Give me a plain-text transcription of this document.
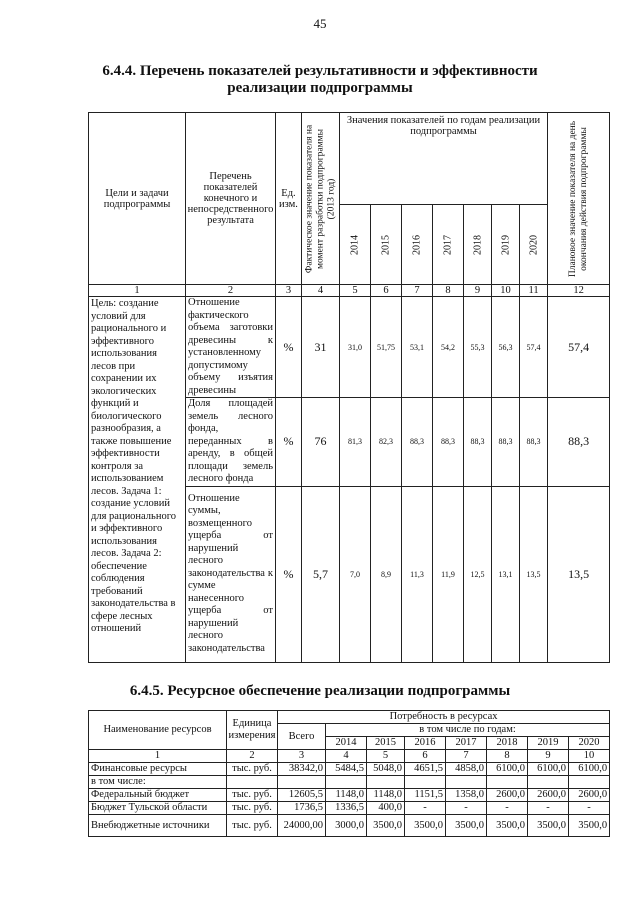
45
6.4.4. Перечень показателей результативности и эффективности
реализации подпрограммы
Цели и задачи подпрограммы	Перечень показателей конечного и непосредственного результата	Ед. изм.	Фактическое значение показателя на момент разработки подпрограммы (2013 год)	Значения показателей по годам реализации подпрограммы							Плановое значение показателя на день окончания действия подпрограммы

				2014	2015	2016	2017	2018	2019	2020	

1	2	3	4	5	6	7	8	9	10	11	12
Цель: создание условий для рационального и эффективного использования лесов при сохранении их экологических функций и биологического разнообразия, а также повышение эффективности контроля за использованием лесов. Задача 1: создание условий для рационального и эффективного использования лесов. Задача 2: обеспечение соблюдения требований законодательства в сфере лесных отношений	Отношение фактического объема заготовки древесины к установленному допустимому объему изъятия древесины	%	31	31,0	51,75	53,1	54,2	55,3	56,3	57,4	57,4
	Доля площадей земель лесного фонда, переданных в аренду, в общей площади земель лесного фонда	%	76	81,3	82,3	88,3	88,3	88,3	88,3	88,3	88,3
	Отношение суммы, возмещенного ущерба от нарушений лесного законодательства к сумме нанесенного ущерба от нарушений лесного законодательства	%	5,7	7,0	8,9	11,3	11,9	12,5	13,1	13,5	13,5
6.4.5. Ресурсное обеспечение реализации подпрограммы
Наименование ресурсов	Единица измерения	Потребность в ресурсах							
		Всего	в том числе по годам:						
			2014	2015	2016	2017	2018	2019	2020
1	2	3	4	5	6	7	8	9	10
Финансовые ресурсы	тыс. руб.	38342,0	5484,5	5048,0	4651,5	4858,0	6100,0	6100,0	6100,0
в том числе:									
Федеральный бюджет	тыс. руб.	12605,5	1148,0	1148,0	1151,5	1358,0	2600,0	2600,0	2600,0
Бюджет Тульской области	тыс. руб.	1736,5	1336,5	400,0	-	-	-	-	-
Внебюджетные источники	тыс. руб.	24000,00	3000,0	3500,0	3500,0	3500,0	3500,0	3500,0	3500,0
